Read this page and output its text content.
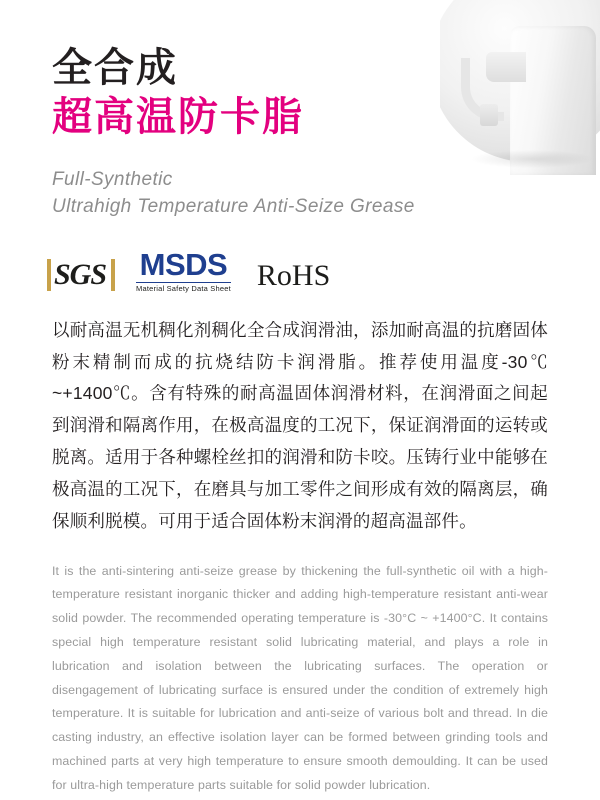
全合成
超高温防卡脂
Full-Synthetic
Ultrahigh Temperature Anti-Seize Grease
SGS MSDS
Material Safety Data Sheet RoHS

以耐高温无机稠化剂稠化全合成润滑油，添加耐高温的抗磨固体粉末精制而成的抗烧结防卡润滑脂。推荐使用温度-30℃ ~+1400℃。含有特殊的耐高温固体润滑材料，在润滑面之间起到润滑和隔离作用，在极高温度的工况下，保证润滑面的运转或脱离。适用于各种螺栓丝扣的润滑和防卡咬。压铸行业中能够在极高温的工况下，在磨具与加工零件之间形成有效的隔离层，确保顺利脱模。可用于适合固体粉末润滑的超高温部件。

It is the anti-sintering anti-seize grease by thickening the full-synthetic oil with a high-temperature resistant inorganic thicker and adding high-temperature resistant anti-wear solid powder. The recommended operating temperature is -30°C ~ +1400°C. It contains special high temperature resistant solid lubricating material, and plays a role in lubrication and isolation between the lubricating surfaces. The operation or disengagement of lubricating surface is ensured under the condition of extremely high temperature. It is suitable for lubrication and anti-seize of various bolt and thread. In die casting industry, an effective isolation layer can be formed between grinding tools and machined parts at very high temperature to ensure smooth demoulding. It can be used for ultra-high temperature parts suitable for solid powder lubrication.
